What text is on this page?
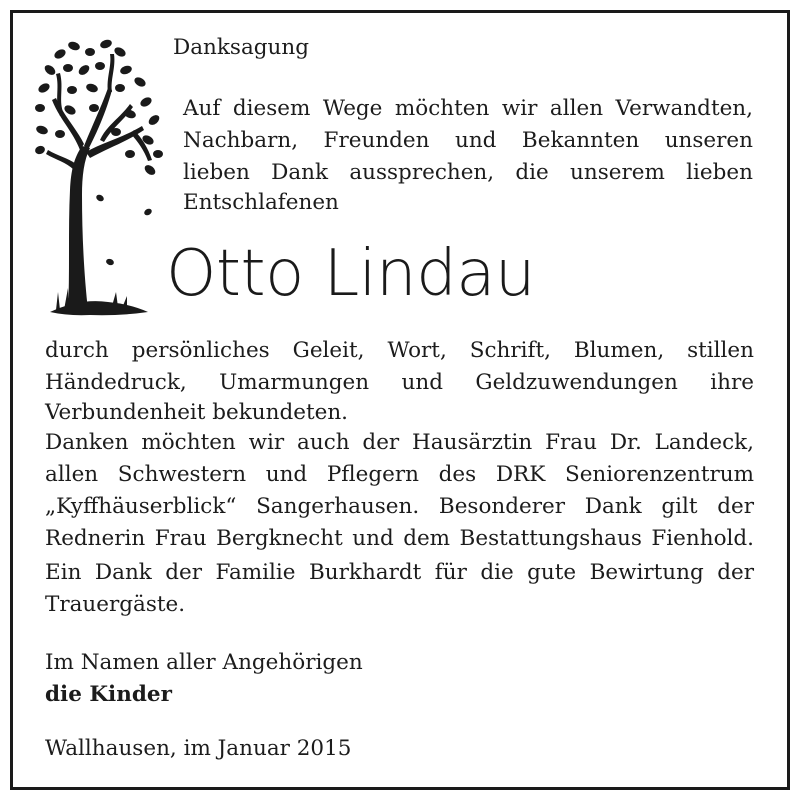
Danksagung
Auf diesem Wege möchten wir allen Verwandten,
Nachbarn, Freunden und Bekannten unseren
lieben Dank aussprechen, die unserem lieben
Entschlafenen
Otto Lindau
durch persönliches Geleit, Wort, Schrift, Blumen, stillen
Händedruck, Umarmungen und Geldzuwendungen ihre
Verbundenheit bekundeten.
Danken möchten wir auch der Hausärztin Frau Dr. Landeck,
allen Schwestern und Pflegern des DRK Seniorenzentrum
„Kyffhäuserblick“ Sangerhausen. Besonderer Dank gilt der
Rednerin Frau Bergknecht und dem Bestattungshaus Fienhold.
Ein Dank der Familie Burkhardt für die gute Bewirtung der
Trauergäste.
Im Namen aller Angehörigen
die Kinder
Wallhausen, im Januar 2015
